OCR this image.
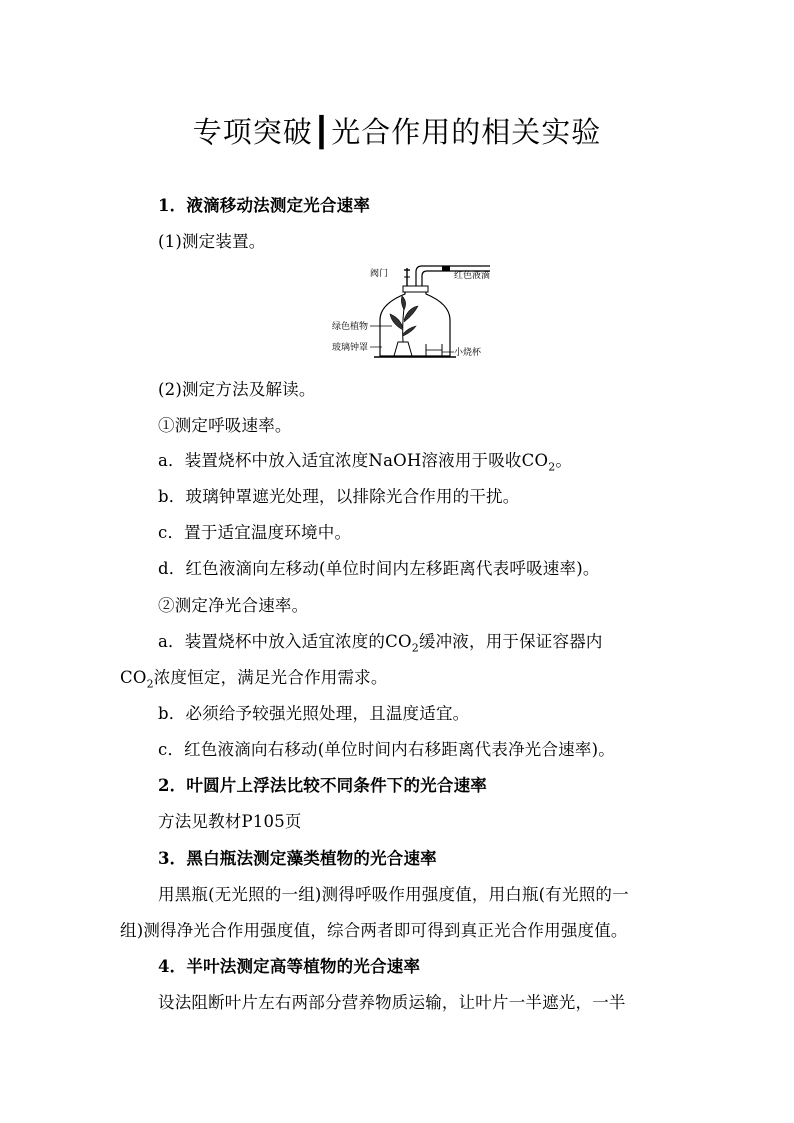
专项突破┃光合作用的相关实验
1．液滴移动法测定光合速率
(1)测定装置。
阀门	红色液滴
绿色植物
玻璃钟罩	小烧杯
(2)测定方法及解读。
①测定呼吸速率。
a．装置烧杯中放入适宜浓度NaOH溶液用于吸收$CO_2$。
b．玻璃钟罩遮光处理，以排除光合作用的干扰。
c．置于适宜温度环境中。
d．红色液滴向左移动(单位时间内左移距离代表呼吸速率)。
②测定净光合速率。
a．装置烧杯中放入适宜浓度的$CO_2$缓冲液，用于保证容器内
$CO_2$浓度恒定，满足光合作用需求。
b．必须给予较强光照处理，且温度适宜。
c．红色液滴向右移动(单位时间内右移距离代表净光合速率)。
2．叶圆片上浮法比较不同条件下的光合速率
方法见教材P105页
3．黑白瓶法测定藻类植物的光合速率
用黑瓶(无光照的一组)测得呼吸作用强度值，用白瓶(有光照的一
组)测得净光合作用强度值，综合两者即可得到真正光合作用强度值。
4．半叶法测定高等植物的光合速率
设法阻断叶片左右两部分营养物质运输，让叶片一半遮光，一半
